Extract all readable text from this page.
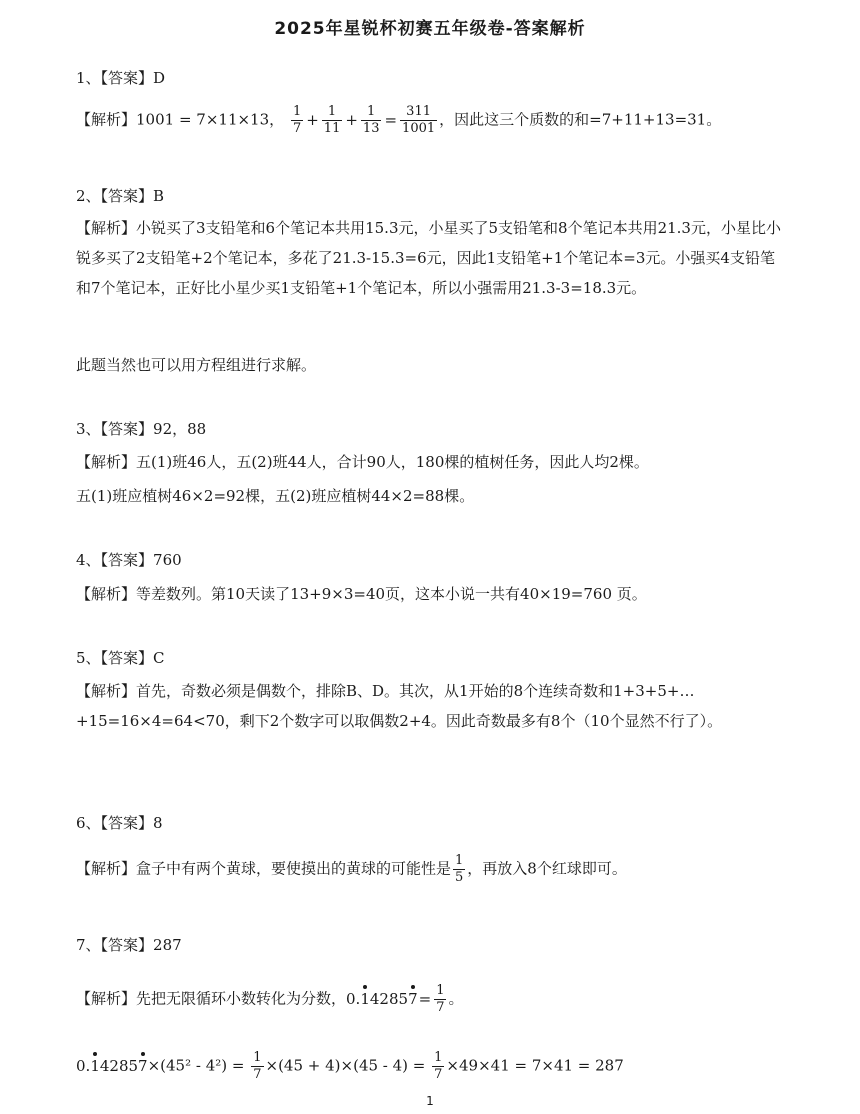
2025年星锐杯初赛五年级卷-答案解析
1、【答案】D
【解析】1001 = 7×11×13， $\frac{1}{7} + \frac{1}{11} + \frac{1}{13} = \frac{311}{1001}$ ，因此这三个质数的和=7+11+13=31。
2、【答案】B
【解析】小锐买了3支铅笔和6个笔记本共用15.3元，小星买了5支铅笔和8个笔记本共用21.3元，小星比小锐多买了2支铅笔+2个笔记本，多花了21.3-15.3=6元，因此1支铅笔+1个笔记本=3元。小强买4支铅笔和7个笔记本，正好比小星少买1支铅笔+1个笔记本，所以小强需用21.3-3=18.3元。
此题当然也可以用方程组进行求解。
3、【答案】92，88
【解析】五(1)班46人，五(2)班44人，合计90人，180棵的植树任务，因此人均2棵。
五(1)班应植树46×2=92棵，五(2)班应植树44×2=88棵。
4、【答案】760
【解析】等差数列。第10天读了13+9×3=40页，这本小说一共有40×19=760 页。
5、【答案】C
【解析】首先，奇数必须是偶数个，排除B、D。其次，从1开始的8个连续奇数和1+3+5+…+15=16×4=64<70，剩下2个数字可以取偶数2+4。因此奇数最多有8个（10个显然不行了）。
6、【答案】8
【解析】盒子中有两个黄球，要使摸出的黄球的可能性是 $\frac{1}{5}$ ，再放入8个红球即可。
7、【答案】287
【解析】先把无限循环小数转化为分数，$0.142857= \frac{1}{7}$ 。
$0.142857\times(45^2 - 4^2) = \frac{1}{7} \times(45 + 4)\times(45 - 4) = \frac{1}{7} \times 49\times 41 = 7\times 41 = 287$
1
